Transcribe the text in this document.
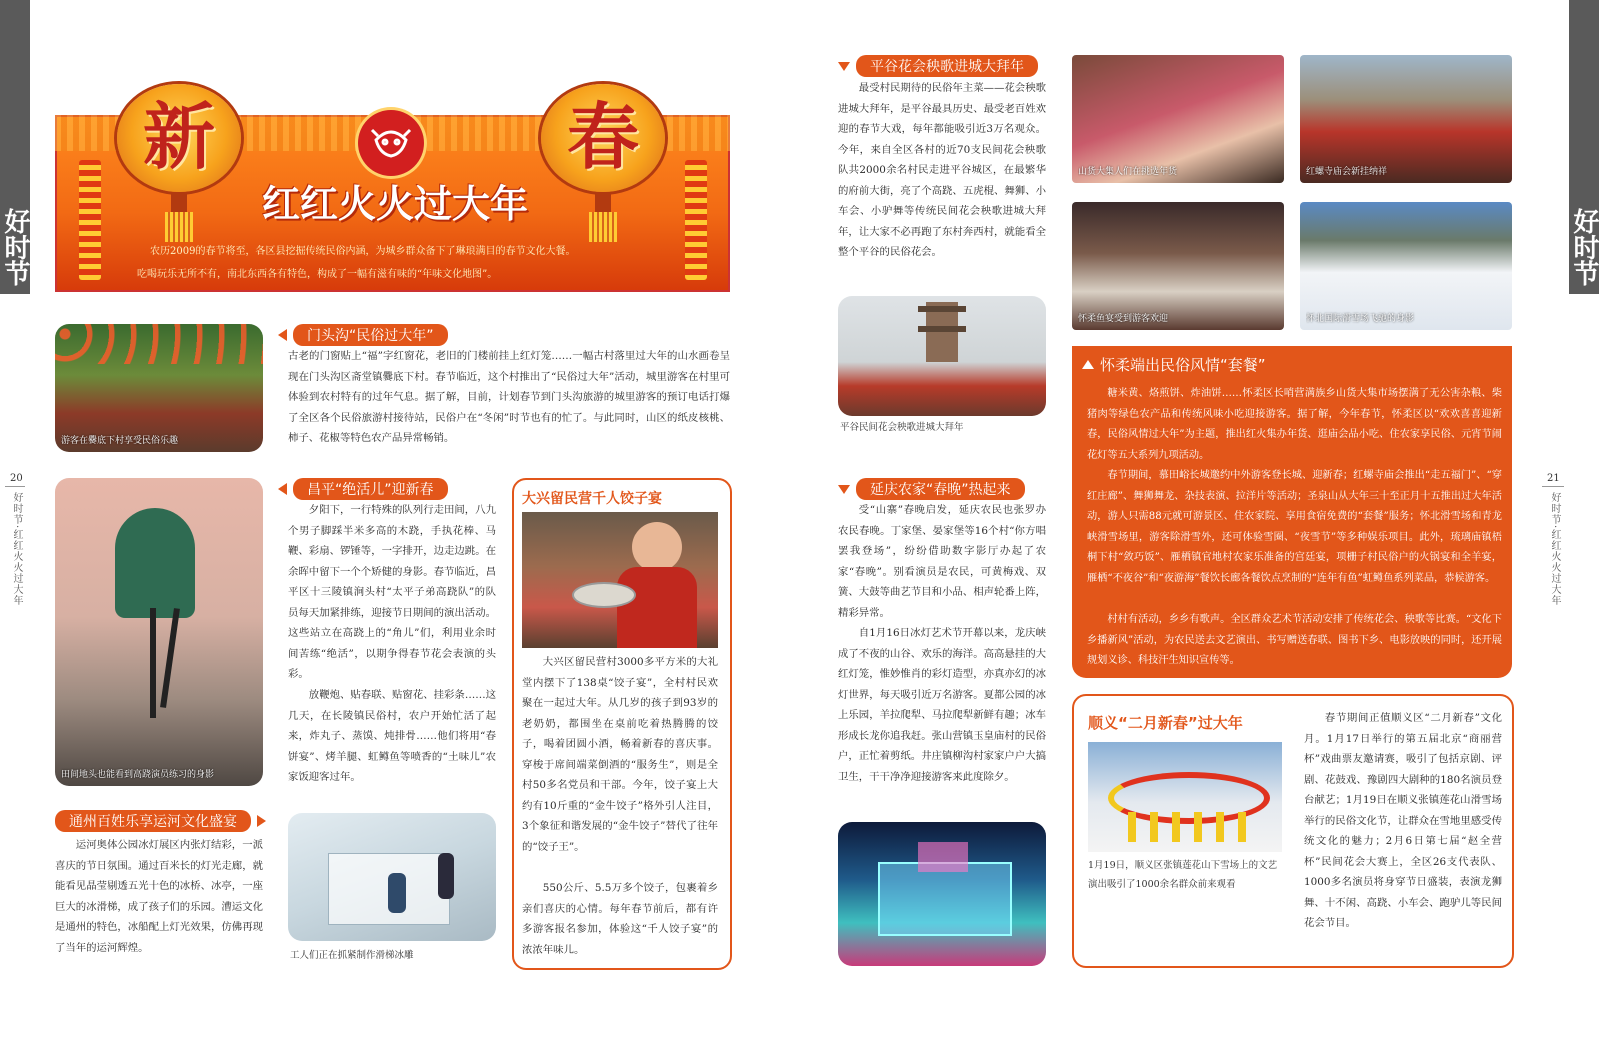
好时节	好时节
20
好时节·红红火火过大年
21
好时节·红红火火过大年
新	春
红红火火过大年
农历2009的春节将至，各区县挖掘传统民俗内涵，为城乡群众备下了琳琅满目的春节文化大餐。
吃喝玩乐无所不有，南北东西各有特色，构成了一幅有滋有味的“年味文化地图”。
游客在爨底下村享受民俗乐趣
门头沟“民俗过大年”
古老的门窗贴上“福”字红窗花，老旧的门楼前挂上红灯笼……一幅古村落里过大年的山水画卷呈现在门头沟区斋堂镇爨底下村。春节临近，这个村推出了“民俗过大年”活动，城里游客在村里可体验到农村特有的过年气息。据了解，目前，计划春节到门头沟旅游的城里游客的预订电话打爆了全区各个民俗旅游村接待站，民俗户在“冬闲”时节也有的忙了。与此同时，山区的纸皮核桃、柿子、花椒等特色农产品异常畅销。
田间地头也能看到高跷演员练习的身影
昌平“绝活儿”迎新春
夕阳下，一行特殊的队列行走田间，八九个男子脚踩半米多高的木跷，手执花棒、马鞭、彩扇、锣锤等，一字排开，边走边跳。在余晖中留下一个个矫健的身影。春节临近，昌平区十三陵镇涧头村“太平子弟高跷队”的队员每天加紧排练，迎接节日期间的演出活动。这些站立在高跷上的“角儿”们，利用业余时间苦练“绝活”，以期争得春节花会表演的头彩。
放鞭炮、贴春联、贴窗花、挂彩条……这几天，在长陵镇民俗村，农户开始忙活了起来，炸丸子、蒸馍、炖排骨……他们将用“春饼宴”、烤羊腿、虹鳟鱼等喷香的“土味儿”农家饭迎客过年。
通州百姓乐享运河文化盛宴
运河奥体公园冰灯展区内张灯结彩，一派喜庆的节日氛围。通过百米长的灯光走廊，就能看见晶莹剔透五光十色的冰桥、冰亭，一座巨大的冰滑梯，成了孩子们的乐园。漕运文化是通州的特色，冰船配上灯光效果，仿佛再现了当年的运河辉煌。
工人们正在抓紧制作滑梯冰雕
大兴留民营千人饺子宴
大兴区留民营村3000多平方米的大礼堂内摆下了138桌“饺子宴”，全村村民欢聚在一起过大年。从几岁的孩子到93岁的老奶奶，都围坐在桌前吃着热腾腾的饺子，喝着团圆小酒，畅着新春的喜庆事。穿梭于席间端菜倒酒的“服务生”，则是全村50多名党员和干部。今年，饺子宴上大约有10斤重的“金牛饺子”格外引人注目，3个象征和谐发展的“金牛饺子”替代了往年的“饺子王”。
550公斤、5.5万多个饺子，包裹着乡亲们喜庆的心情。每年春节前后，都有许多游客报名参加，体验这“千人饺子宴”的浓浓年味儿。
平谷花会秧歌进城大拜年
最受村民期待的民俗年主菜——花会秧歌进城大拜年，是平谷最具历史、最受老百姓欢迎的春节大戏，每年都能吸引近3万名观众。今年，来自全区各村的近70支民间花会秧歌队共2000余名村民走进平谷城区，在最繁华的府前大街，亮了个高跷、五虎棍、舞狮、小车会、小驴舞等传统民间花会秧歌进城大拜年，让大家不必再跑了东村奔西村，就能看全整个平谷的民俗花会。
平谷民间花会秧歌进城大拜年
延庆农家“春晚”热起来
受“山寨”春晚启发，延庆农民也张罗办农民春晚。丁家堡、晏家堡等16个村“你方唱罢我登场”，纷纷借助数字影厅办起了农家“春晚”。别看演员是农民，可黄梅戏、双簧、大鼓等曲艺节目和小品、相声轮番上阵，精彩异常。
自1月16日冰灯艺术节开幕以来，龙庆峡成了不夜的山谷、欢乐的海洋。高高悬挂的大红灯笼，惟妙惟肖的彩灯造型，亦真亦幻的冰灯世界，每天吸引近万名游客。夏都公园的冰上乐园，羊拉爬犁、马拉爬犁新鲜有趣；冰车形成长龙你追我赶。张山营镇玉皇庙村的民俗户，正忙着剪纸。井庄镇柳沟村家家户户大搞卫生，干干净净迎接游客来此度除夕。
山货大集人们在挑选年货	红螺寺庙会新挂纳祥
怀柔鱼宴受到游客欢迎	怀北国际滑雪场飞驰的身影
怀柔端出民俗风情“套餐”
糖米黄、烙煎饼、炸油饼……怀柔区长哨营满族乡山货大集市场摆满了无公害杂粮、柴猪肉等绿色农产品和传统风味小吃迎接游客。据了解，今年春节，怀柔区以“欢欢喜喜迎新春，民俗风情过大年”为主题，推出红火集办年货、逛庙会品小吃、住农家享民俗、元宵节闹花灯等五大系列九项活动。
春节期间，慕田峪长城邀约中外游客登长城、迎新春；红螺寺庙会推出“走五福门”、“穿红庄廊”、舞狮舞龙、杂技表演、拉洋片等活动；圣泉山从大年三十至正月十五推出过大年活动，游人只需88元就可游景区、住农家院、享用食宿免费的“套餐”服务；怀北滑雪场和青龙峡滑雪场里，游客除滑雪外，还可体验雪圈、“夜雪节”等多种娱乐项目。此外，琉璃庙镇梧桐下村“敛巧饭”、雁栖镇官地村农家乐准备的宫廷宴，项栅子村民俗户的火锅宴和全羊宴，雁栖“不夜谷”和“夜游海”餐饮长廊各餐饮点烹制的“连年有鱼”虹鳟鱼系列菜品，恭候游客。
村村有活动，乡乡有歌声。全区群众艺术节活动安排了传统花会、秧歌等比赛。“文化下乡播新风”活动，为农民送去文艺演出、书写赠送春联、图书下乡、电影放映的同时，还开展规划义诊、科技汗生知识宣传等。
顺义“二月新春”过大年
1月19日，顺义区张镇莲花山下雪场上的文艺演出吸引了1000余名群众前来观看
春节期间正值顺义区“二月新春”文化月。1月17日举行的第五届北京“商丽营杯”戏曲票友邀请赛，吸引了包括京剧、评剧、花鼓戏、豫剧四大剧种的180名演员登台献艺；1月19日在顺义张镇莲花山滑雪场举行的民俗文化节，让群众在雪地里感受传统文化的魅力；2月6日第七届“赵全营杯”民间花会大赛上，全区26支代表队、1000多名演员将身穿节日盛装，表演龙狮舞、十不闲、高跷、小车会、跑驴儿等民间花会节目。
